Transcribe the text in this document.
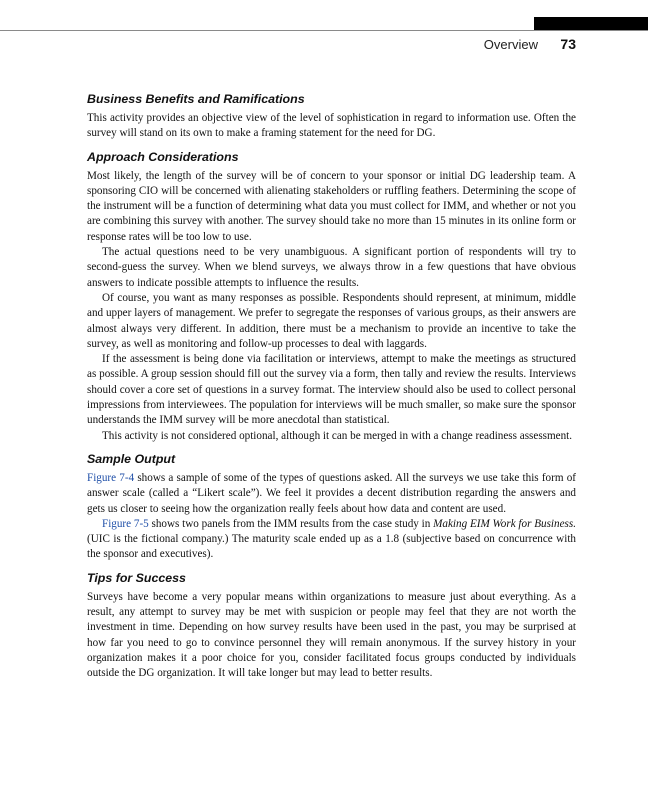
Overview 73
Business Benefits and Ramifications

This activity provides an objective view of the level of sophistication in regard to information use. Often the survey will stand on its own to make a framing statement for the need for DG.

Approach Considerations

Most likely, the length of the survey will be of concern to your sponsor or initial DG leadership team. A sponsoring CIO will be concerned with alienating stakeholders or ruffling feathers. Determining the scope of the instrument will be a function of determining what data you must collect for IMM, and whether or not you are combining this survey with another. The survey should take no more than 15 minutes in its online form or response rates will be too low to use.

The actual questions need to be very unambiguous. A significant portion of respondents will try to second-guess the survey. When we blend surveys, we always throw in a few questions that have obvious answers to indicate possible attempts to influence the results.

Of course, you want as many responses as possible. Respondents should represent, at minimum, middle and upper layers of management. We prefer to segregate the responses of various groups, as their answers are almost always very different. In addition, there must be a mechanism to provide an incentive to take the survey, as well as monitoring and follow-up processes to deal with laggards.

If the assessment is being done via facilitation or interviews, attempt to make the meetings as structured as possible. A group session should fill out the survey via a form, then tally and review the results. Interviews should cover a core set of questions in a survey format. The interview should also be used to collect personal impressions from interviewees. The population for interviews will be much smaller, so make sure the sponsor understands the IMM survey will be more anecdotal than statistical.

This activity is not considered optional, although it can be merged in with a change readiness assessment.

Sample Output

Figure 7-4 shows a sample of some of the types of questions asked. All the surveys we use take this form of answer scale (called a “Likert scale”). We feel it provides a decent distribution regarding the answers and gets us closer to seeing how the organization really feels about how data and content are used.

Figure 7-5 shows two panels from the IMM results from the case study in Making EIM Work for Business. (UIC is the fictional company.) The maturity scale ended up as a 1.8 (subjective based on concurrence with the sponsor and executives).

Tips for Success

Surveys have become a very popular means within organizations to measure just about everything. As a result, any attempt to survey may be met with suspicion or people may feel that they are not worth the investment in time. Depending on how survey results have been used in the past, you may be surprised at how far you need to go to convince personnel they will remain anonymous. If the survey history in your organization makes it a poor choice for you, consider facilitated focus groups conducted by individuals outside the DG organization. It will take longer but may lead to better results.
